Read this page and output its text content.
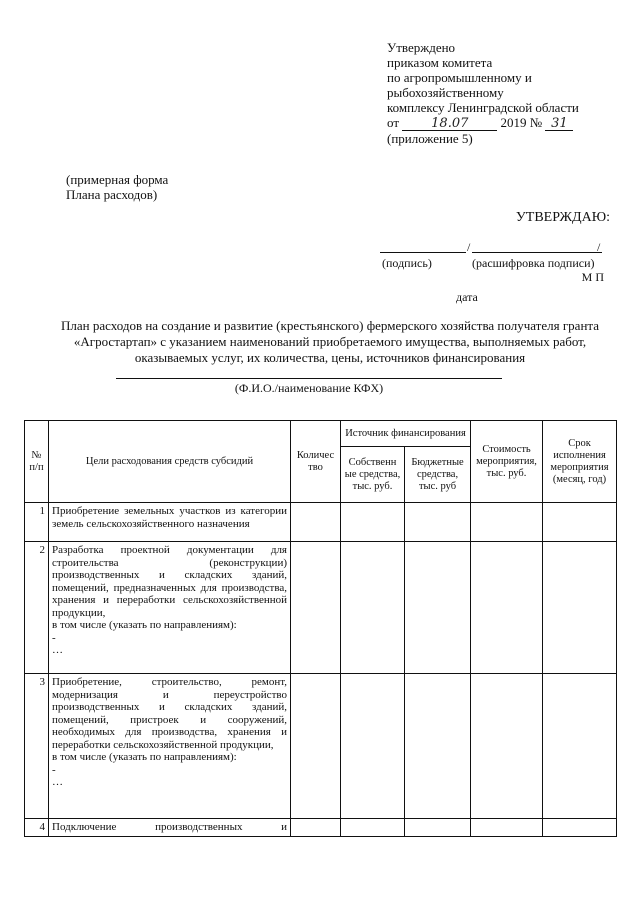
Утверждено
приказом комитета
по агропромышленному и
рыбохозяйственному
комплексу Ленинградской области
от 18.07 2019 № 31
(приложение 5)
(примерная форма
Плана расходов)
УТВЕРЖДАЮ:
/	/
(подпись)	(расшифровка подписи)
М П
дата
План расходов на создание и развитие (крестьянского) фермерского хозяйства получателя гранта «Агростартап» с указанием наименований приобретаемого имущества, выполняемых работ, оказываемых услуг, их количества, цены, источников финансирования
(Ф.И.О./наименование КФХ)
№ п/п	Цели расходования средств субсидий	Количес тво	Источник финансирования		Стоимость мероприятия, тыс. руб.	Срок исполнения мероприятия (месяц, год)
			Собственн ые средства, тыс. руб.	Бюджетные средства, тыс. руб		
1	Приобретение земельных участков из категории земель сельскохозяйственного назначения					
2	Разработка проектной документации для строительства (реконструкции) производственных и складских зданий, помещений, предназначенных для производства, хранения и переработки сельскохозяйственной продукции,
в том числе (указать по направлениям):
-
…					

3	Приобретение, строительство, ремонт, модернизация и переустройство производственных и складских зданий, помещений, пристроек и сооружений, необходимых для производства, хранения и переработки сельскохозяйственной продукции,
в том числе (указать по направлениям):
-
…					

4	Подключение производственных и					
